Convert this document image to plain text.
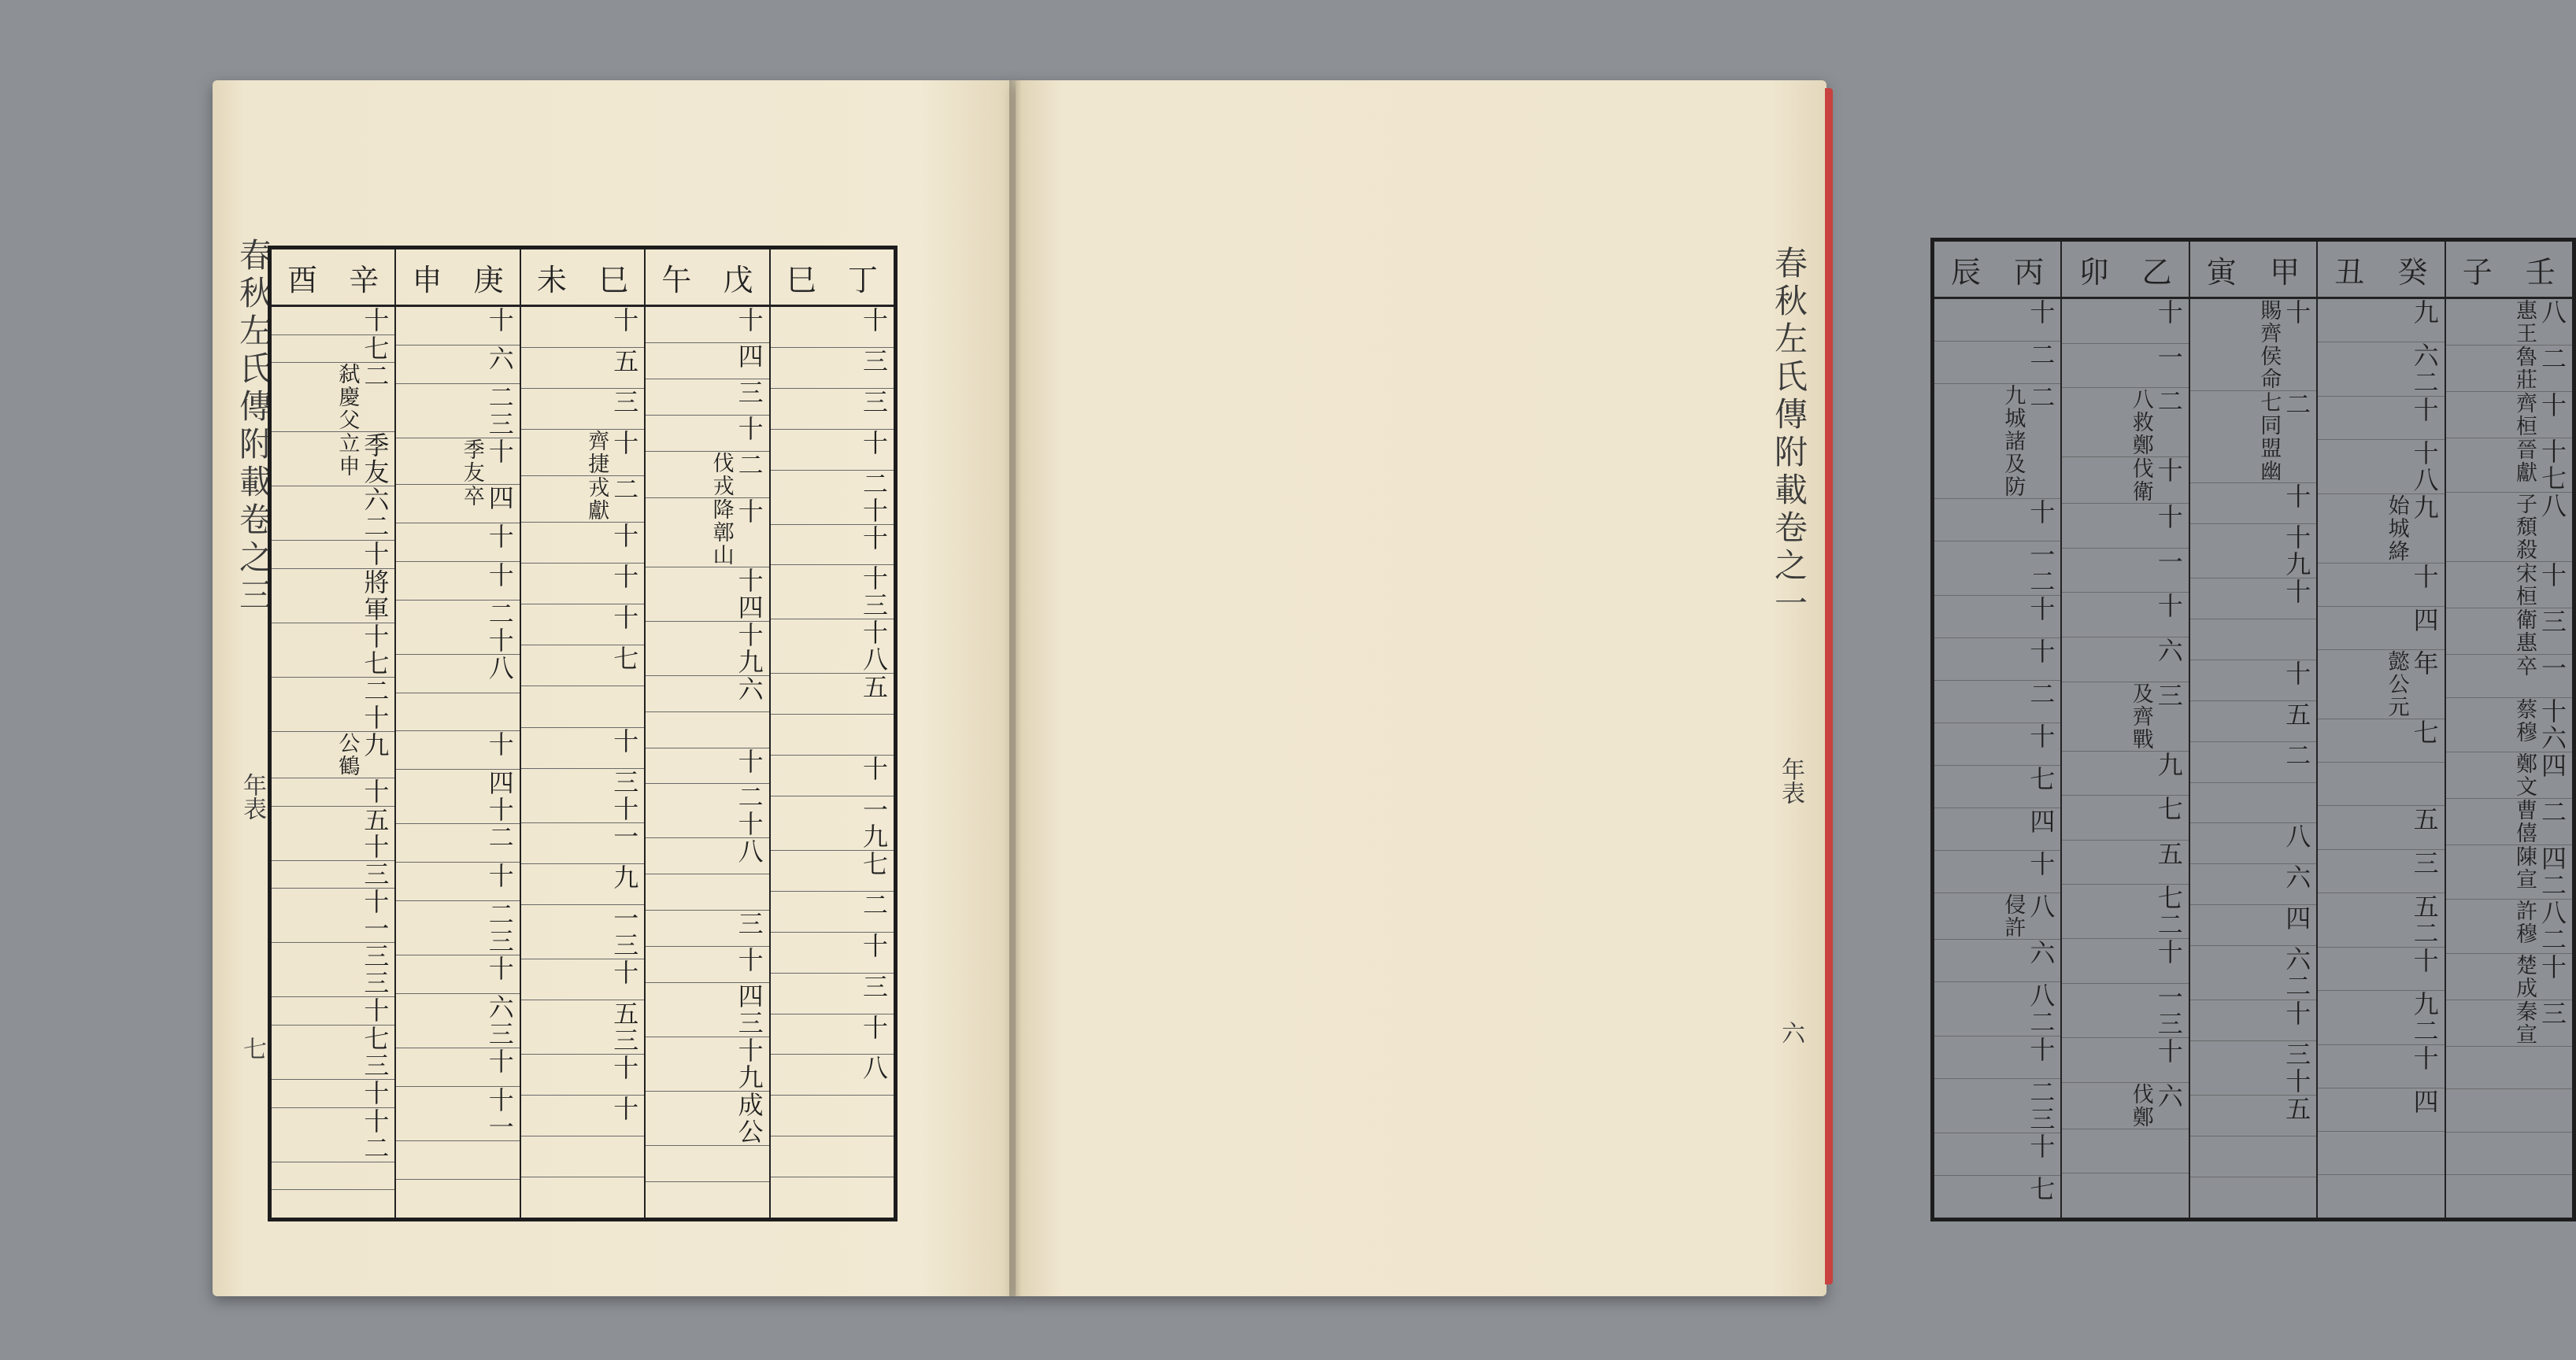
春秋左氏傳附載卷之三
年表
七
丁
巳
十
三
三
十
二十
十
十三
十八
五
十
一九
七
二
十
三
十
八
戊
午
十
四
三
十
二
伐戎
十
降鄣山
十四
十九
六
十
二十
八
三
十
四三
十九
成公
巳
未
十
五
三
十
齊捷
二
戎獻
十
十
十
七
十
三十
一
九
一三
十
五三
十
十
庚
申
十
六
二三
十
季友
四
卒
十
十
二十
八
十
四十
二
十
二三
十
六三
十
十一
辛
酉
十
七
二
弑慶父
季友
立申
六二
十
將軍
十七
二十
九
公鶴
十
五十
三
十一
三三
十
七三
十
十二
春秋左氏傳附載卷之一
年表
六
壬
子
八
惠王
二
魯莊
十
齊桓
十七
晉獻
八
子頹殺
十
宋桓
三
衛惠
一
卒
十六
蔡穆
四
鄭文
二
曹僖
四二
陳宣
八二
許穆
十
楚成
三
秦宣
癸
丑
九
六二
十
十八
九
始城絳
十
四
年
懿公元
七
五
三
五二
十
九二
十
四
甲
寅
十
賜齊侯命
二
七同盟幽
十
十九
十
十
五
二
八
六
四
六二
十
三十
五
乙
卯
十
一
二
八救鄭
十
伐衛
十
一
十
六
三
及齊戰
九
七
五
七二
十
一三
十
六
伐鄭
丙
辰
十
二
二
九城諸及防
十
一二
十
十
二
十
七
四
十
八
侵許
六
八二
十
二三
十
七
